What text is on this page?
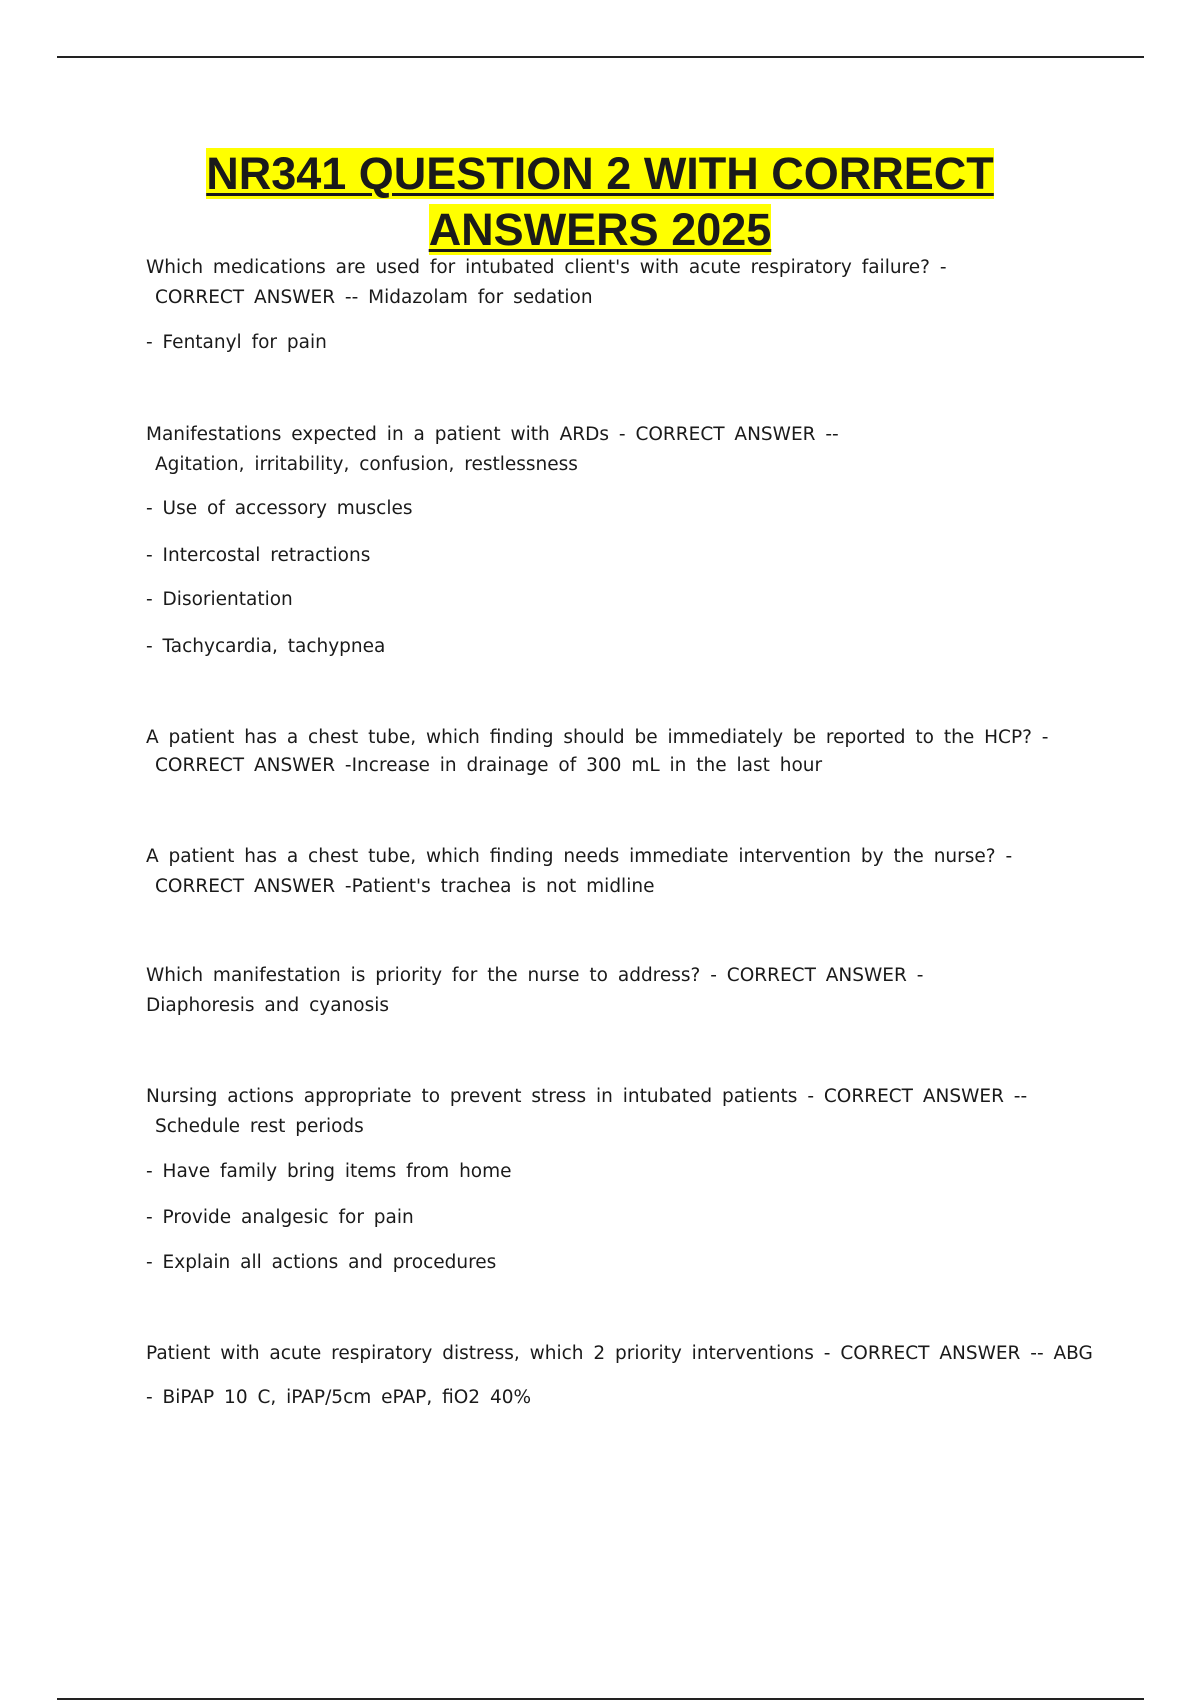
NR341 QUESTION 2 WITH CORRECT
ANSWERS 2025
Which medications are used for intubated client's with acute respiratory failure? -
CORRECT ANSWER -- Midazolam for sedation
- Fentanyl for pain
Manifestations expected in a patient with ARDs - CORRECT ANSWER --
Agitation, irritability, confusion, restlessness
- Use of accessory muscles
- Intercostal retractions
- Disorientation
- Tachycardia, tachypnea
A patient has a chest tube, which finding should be immediately be reported to the HCP? -
CORRECT ANSWER -Increase in drainage of 300 mL in the last hour
A patient has a chest tube, which finding needs immediate intervention by the nurse? -
CORRECT ANSWER -Patient's trachea is not midline
Which manifestation is priority for the nurse to address? - CORRECT ANSWER -
Diaphoresis and cyanosis
Nursing actions appropriate to prevent stress in intubated patients - CORRECT ANSWER --
Schedule rest periods
- Have family bring items from home
- Provide analgesic for pain
- Explain all actions and procedures
Patient with acute respiratory distress, which 2 priority interventions - CORRECT ANSWER -- ABG
- BiPAP 10 C, iPAP/5cm ePAP, fiO2 40%
